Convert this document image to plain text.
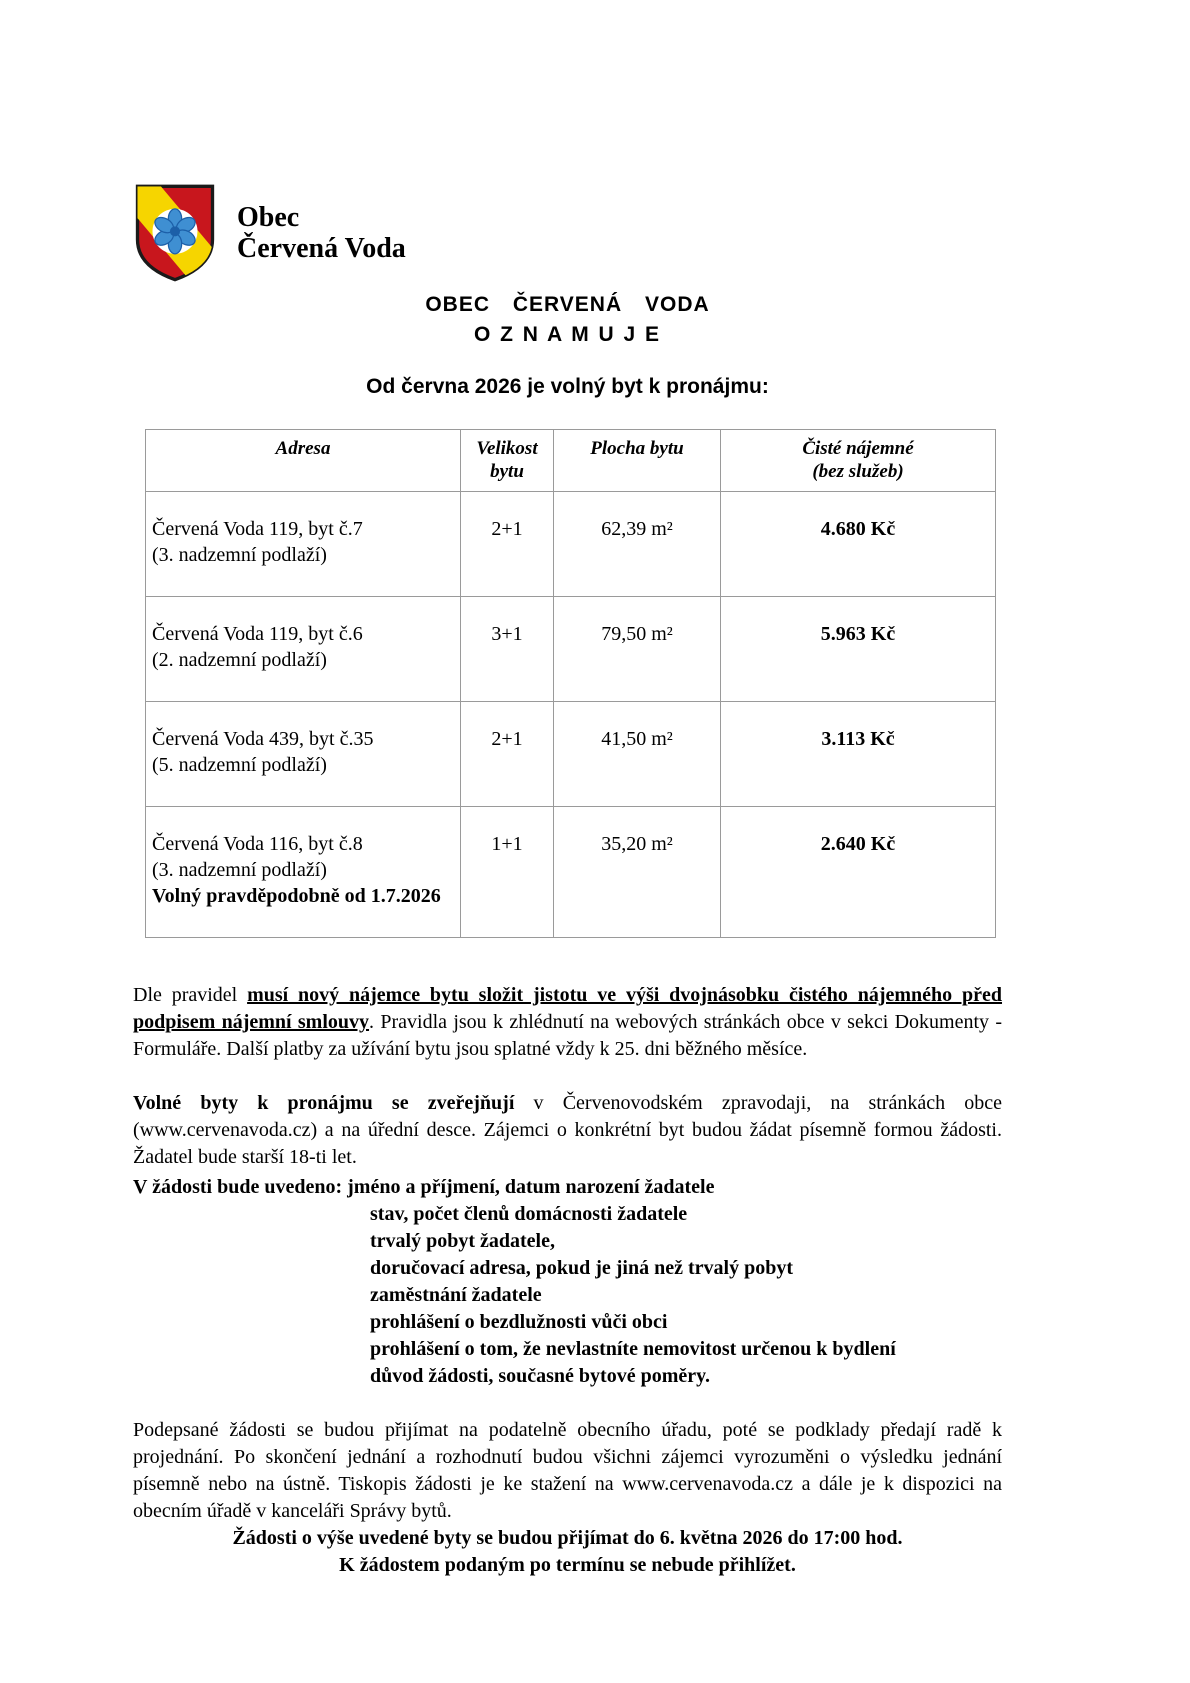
Obec
Červená Voda
OBEC ČERVENÁ VODA
O Z N A M U J E
Od června 2026 je volný byt k pronájmu:
Adresa	Velikost bytu	Plocha bytu	Čisté nájemné
(bez služeb)

Červená Voda 119, byt č.7
(3. nadzemní podlaží)	2+1	62,39 m²	4.680 Kč

Červená Voda 119, byt č.6
(2. nadzemní podlaží)	3+1	79,50 m²	5.963 Kč

Červená Voda 439, byt č.35
(5. nadzemní podlaží)	2+1	41,50 m²	3.113 Kč

Červená Voda 116, byt č.8
(3. nadzemní podlaží)
Volný pravděpodobně od 1.7.2026	1+1	35,20 m²	2.640 Kč

Dle pravidel musí nový nájemce bytu složit jistotu ve výši dvojnásobku čistého nájemného před podpisem nájemní smlouvy. Pravidla jsou k zhlédnutí na webových stránkách obce v sekci Dokumenty - Formuláře. Další platby za užívání bytu jsou splatné vždy k 25. dni běžného měsíce.

Volné byty k pronájmu se zveřejňují v Červenovodském zpravodaji, na stránkách obce (www.cervenavoda.cz) a na úřední desce. Zájemci o konkrétní byt budou žádat písemně formou žádosti. Žadatel bude starší 18-ti let.

V žádosti bude uvedeno: jméno a příjmení, datum narození žadatele
stav, počet členů domácnosti žadatele
trvalý pobyt žadatele,
doručovací adresa, pokud je jiná než trvalý pobyt
zaměstnání žadatele
prohlášení o bezdlužnosti vůči obci
prohlášení o tom, že nevlastníte nemovitost určenou k bydlení
důvod žádosti, současné bytové poměry.

Podepsané žádosti se budou přijímat na podatelně obecního úřadu, poté se podklady předají radě k projednání. Po skončení jednání a rozhodnutí budou všichni zájemci vyrozuměni o výsledku jednání písemně nebo na ústně. Tiskopis žádosti je ke stažení na www.cervenavoda.cz a dále je k dispozici na obecním úřadě v kanceláři Správy bytů.

Žádosti o výše uvedené byty se budou přijímat do 6. května 2026 do 17:00 hod.

K žádostem podaným po termínu se nebude přihlížet.
